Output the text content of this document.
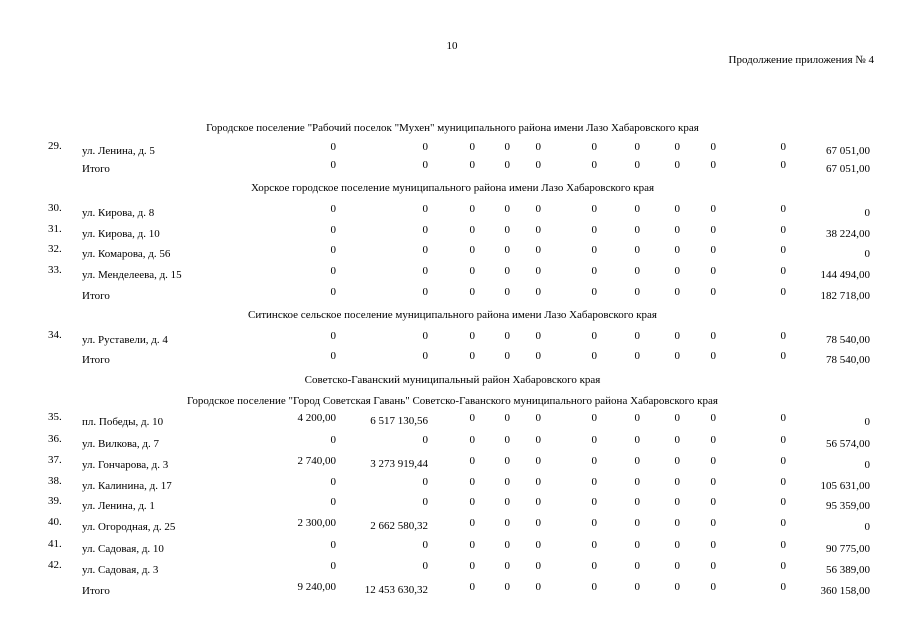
10
Продолжение приложения № 4
Городское поселение "Рабочий поселок "Мухен" муниципального района имени Лазо Хабаровского края
29. ул. Ленина, д. 5	0	0	0	0 0	0	0	0	0	0	67 051,00
Итого	0	0	0	0 0	0	0	0	0	0	67 051,00
Хорское городское поселение муниципального района имени Лазо Хабаровского края
30. ул. Кирова, д. 8	0	0	0	0 0	0	0	0	0	0	0
31. ул. Кирова, д. 10	0	0	0	0 0	0	0	0	0	0	38 224,00
32. ул. Комарова, д. 56	0	0	0	0 0	0	0	0	0	0	0
33. ул. Менделеева, д. 15	0	0	0	0 0	0	0	0	0	0	144 494,00
Итого	0	0	0	0 0	0	0	0	0	0	182 718,00
Ситинское сельское поселение муниципального района имени Лазо Хабаровского края
34. ул. Руставели, д. 4	0	0	0	0 0	0	0	0	0	0	78 540,00
Итого	0	0	0	0 0	0	0	0	0	0	78 540,00
Советско-Гаванский муниципальный район Хабаровского края
Городское поселение "Город Советская Гавань" Советско-Гаванского муниципального района Хабаровского края
35. пл. Победы, д. 10	4 200,00	6 517 130,56	0	0 0	0	0	0	0	0	0
36. ул. Вилкова, д. 7	0	0	0	0 0	0	0	0	0	0	56 574,00
37. ул. Гончарова, д. 3	2 740,00	3 273 919,44	0	0 0	0	0	0	0	0	0
38. ул. Калинина, д. 17	0	0	0	0 0	0	0	0	0	0	105 631,00
39. ул. Ленина, д. 1	0	0	0	0 0	0	0	0	0	0	95 359,00
40. ул. Огородная, д. 25	2 300,00	2 662 580,32	0	0 0	0	0	0	0	0	0
41. ул. Садовая, д. 10	0	0	0	0 0	0	0	0	0	0	90 775,00
42. ул. Садовая, д. 3	0	0	0	0 0	0	0	0	0	0	56 389,00
Итого	9 240,00	12 453 630,32	0	0 0	0	0	0	0	0	360 158,00
